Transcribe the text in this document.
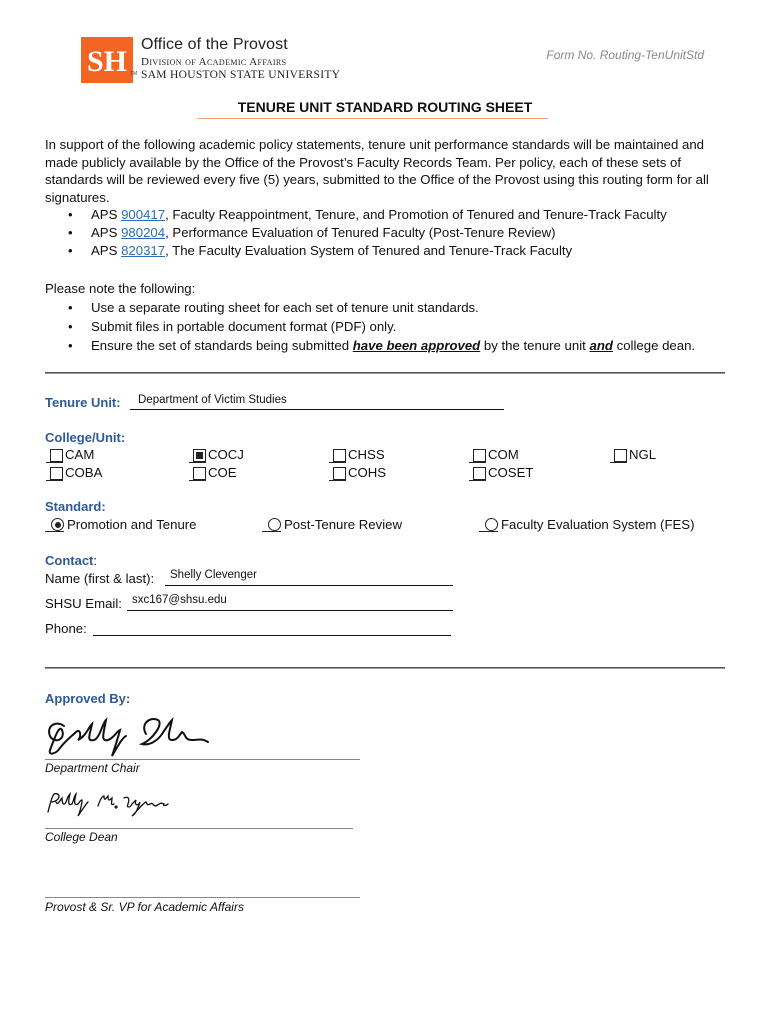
SH
Office of the Provost
Division of Academic Affairs
TM SAM HOUSTON STATE UNIVERSITY
Form No. Routing-TenUnitStd
TENURE UNIT STANDARD ROUTING SHEET

In support of the following academic policy statements, tenure unit performance standards will be maintained and made publicly available by the Office of the Provost’s Faculty Records Team. Per policy, each of these sets of standards will be reviewed every five (5) years, submitted to the Office of the Provost using this routing form for all signatures.

• APS 900417, Faculty Reappointment, Tenure, and Promotion of Tenured and Tenure-Track Faculty
• APS 980204, Performance Evaluation of Tenured Faculty (Post-Tenure Review)
• APS 820317, The Faculty Evaluation System of Tenured and Tenure-Track Faculty

Please note the following:

• Use a separate routing sheet for each set of tenure unit standards.
• Submit files in portable document format (PDF) only.
• Ensure the set of standards being submitted have been approved by the tenure unit and college dean.
Tenure Unit: Department of Victim Studies
College/Unit:
CAM
COBA
COCJ
COE
CHSS
COHS
COM
COSET
NGL
Standard:
Promotion and Tenure	Post-Tenure Review	Faculty Evaluation System (FES)
Contact:
Name (first & last): Shelly Clevenger
SHSU Email: sxc167@shsu.edu
Phone:
Approved By:
Department Chair
College Dean
Provost & Sr. VP for Academic Affairs
